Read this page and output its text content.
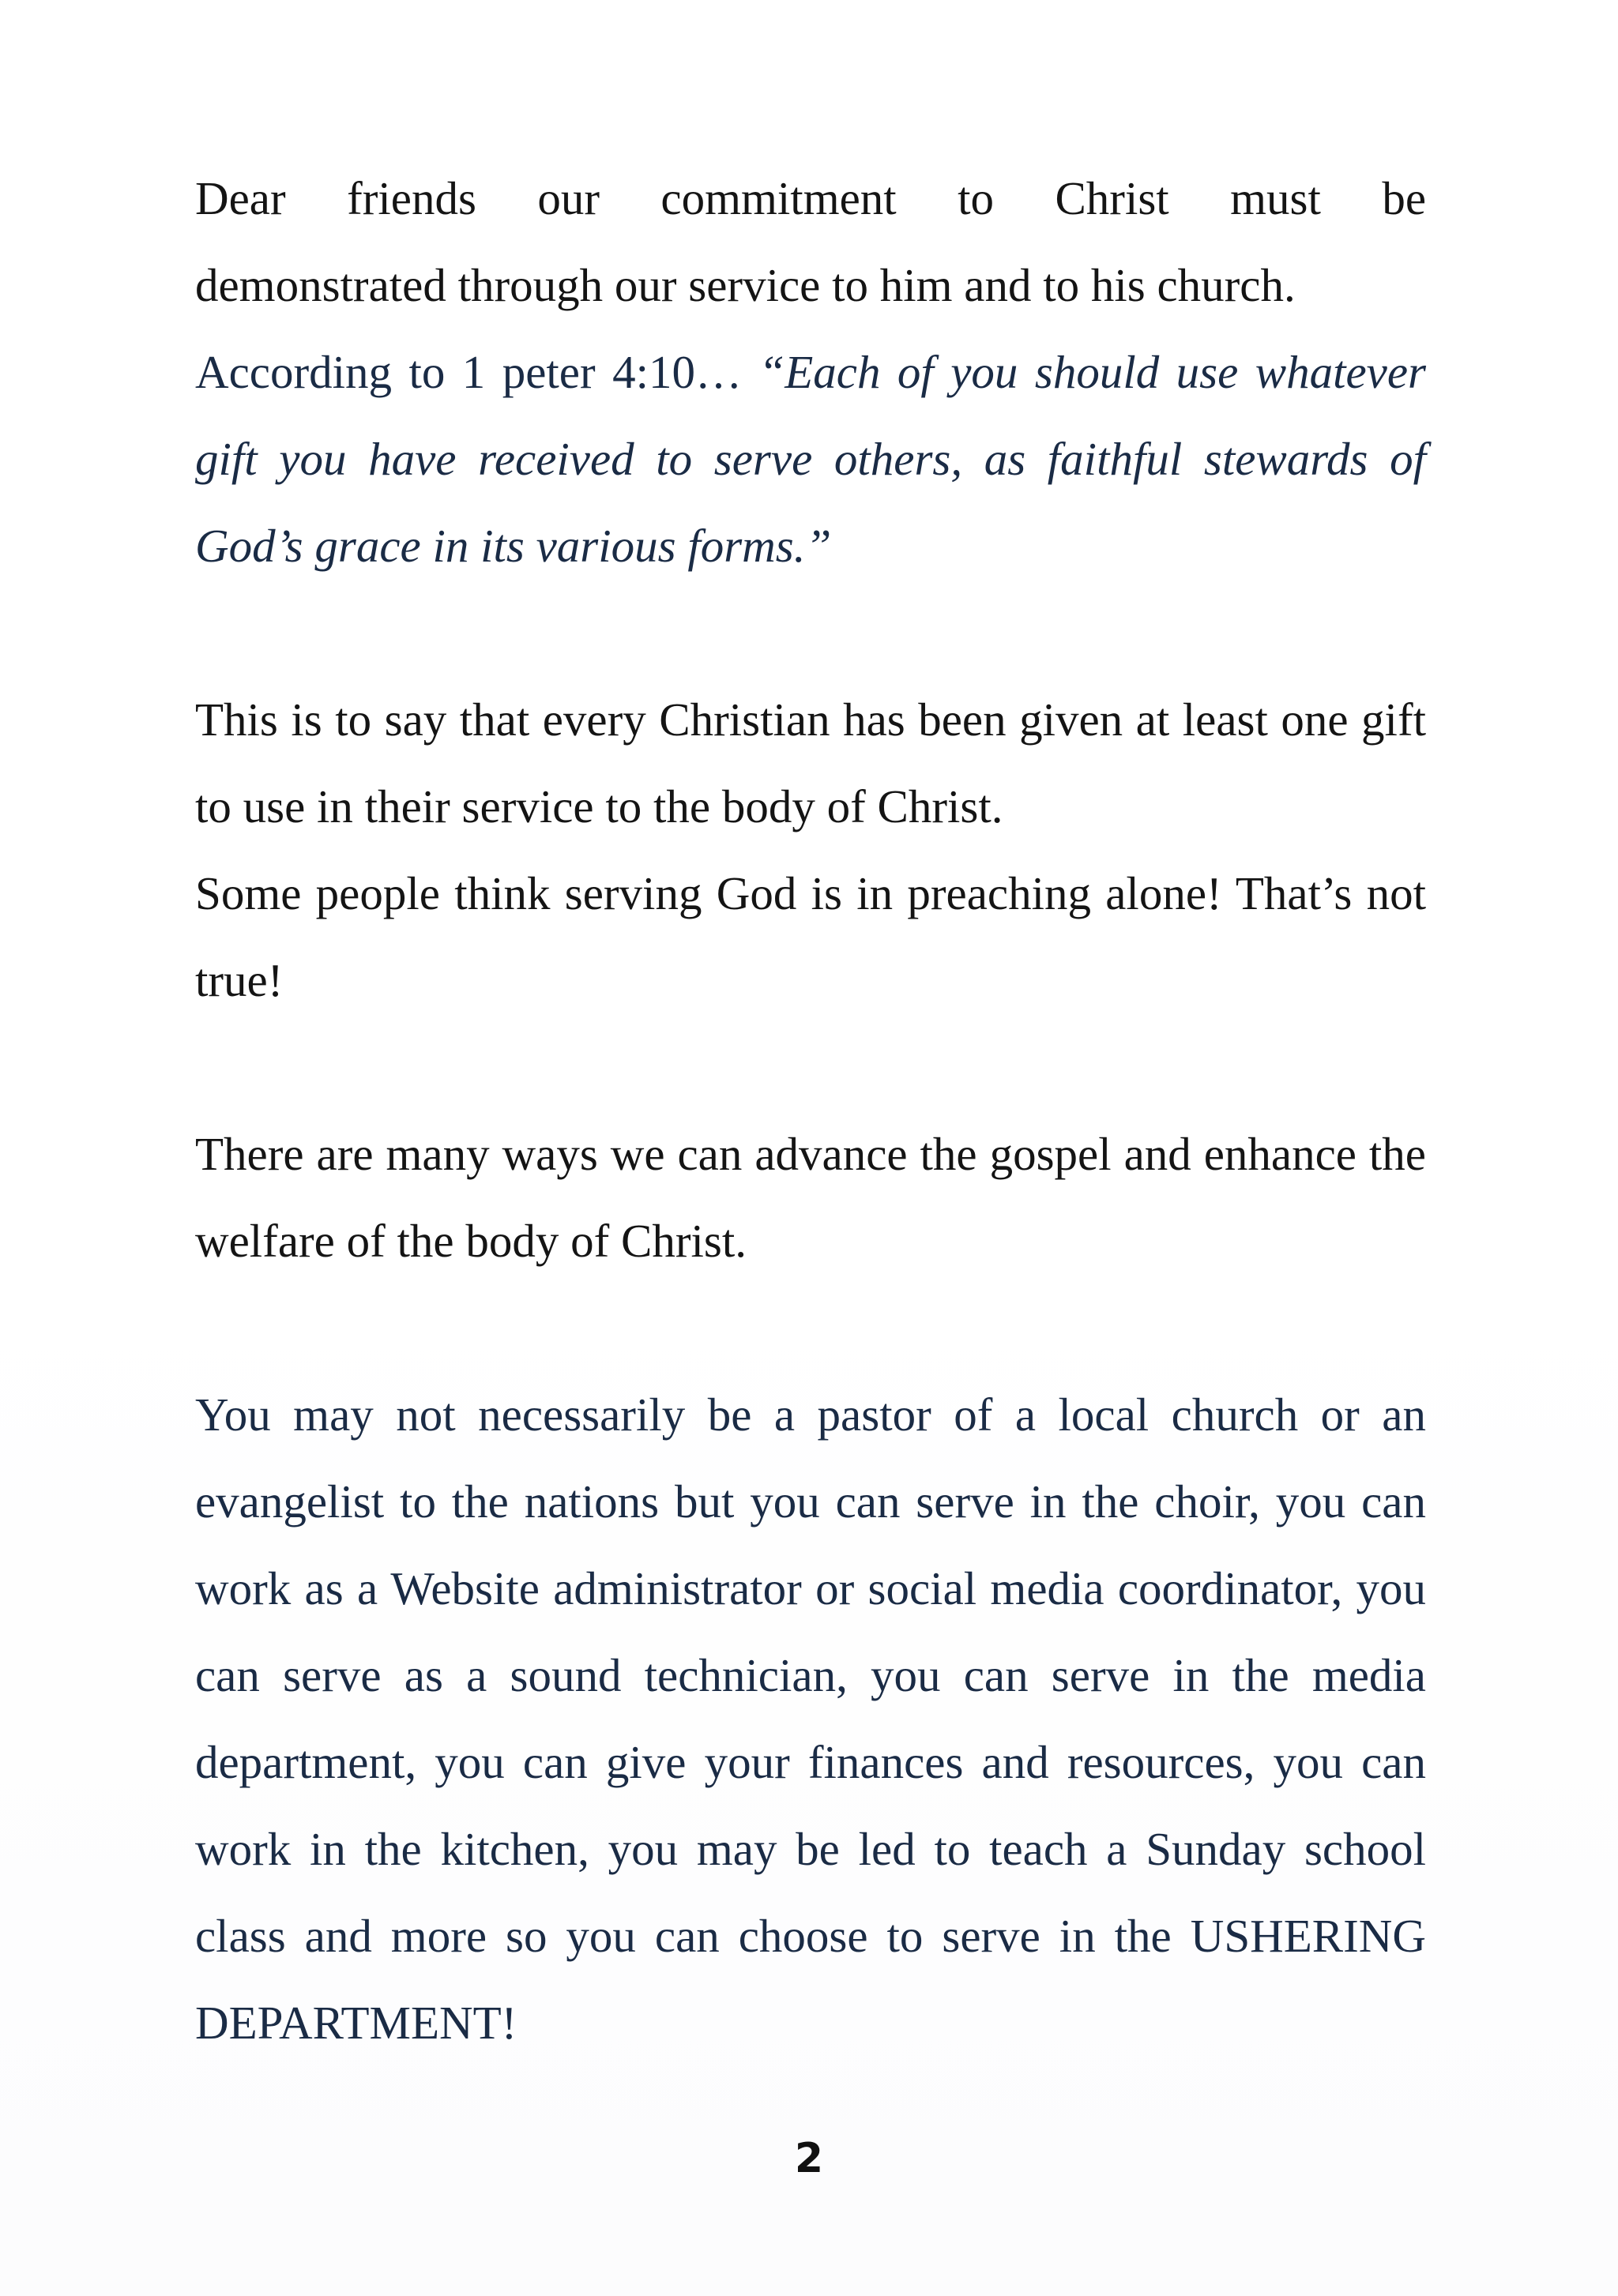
Dear friends our commitment to Christ must be
demonstrated through our service to him and to his church.

According to 1 peter 4:10… “Each of you should use whatever gift you have received to serve others, as faithful stewards of God’s grace in its various forms.”

This is to say that every Christian has been given at least one gift to use in their service to the body of Christ.

Some people think serving God is in preaching alone! That’s not true!

There are many ways we can advance the gospel and enhance the welfare of the body of Christ.

You may not necessarily be a pastor of a local church or an evangelist to the nations but you can serve in the choir, you can work as a Website administrator or social media coordinator, you can serve as a sound technician, you can serve in the media department, you can give your finances and resources, you can work in the kitchen, you may be led to teach a Sunday school class and more so you can choose to serve in the USHERING DEPARTMENT!

2
